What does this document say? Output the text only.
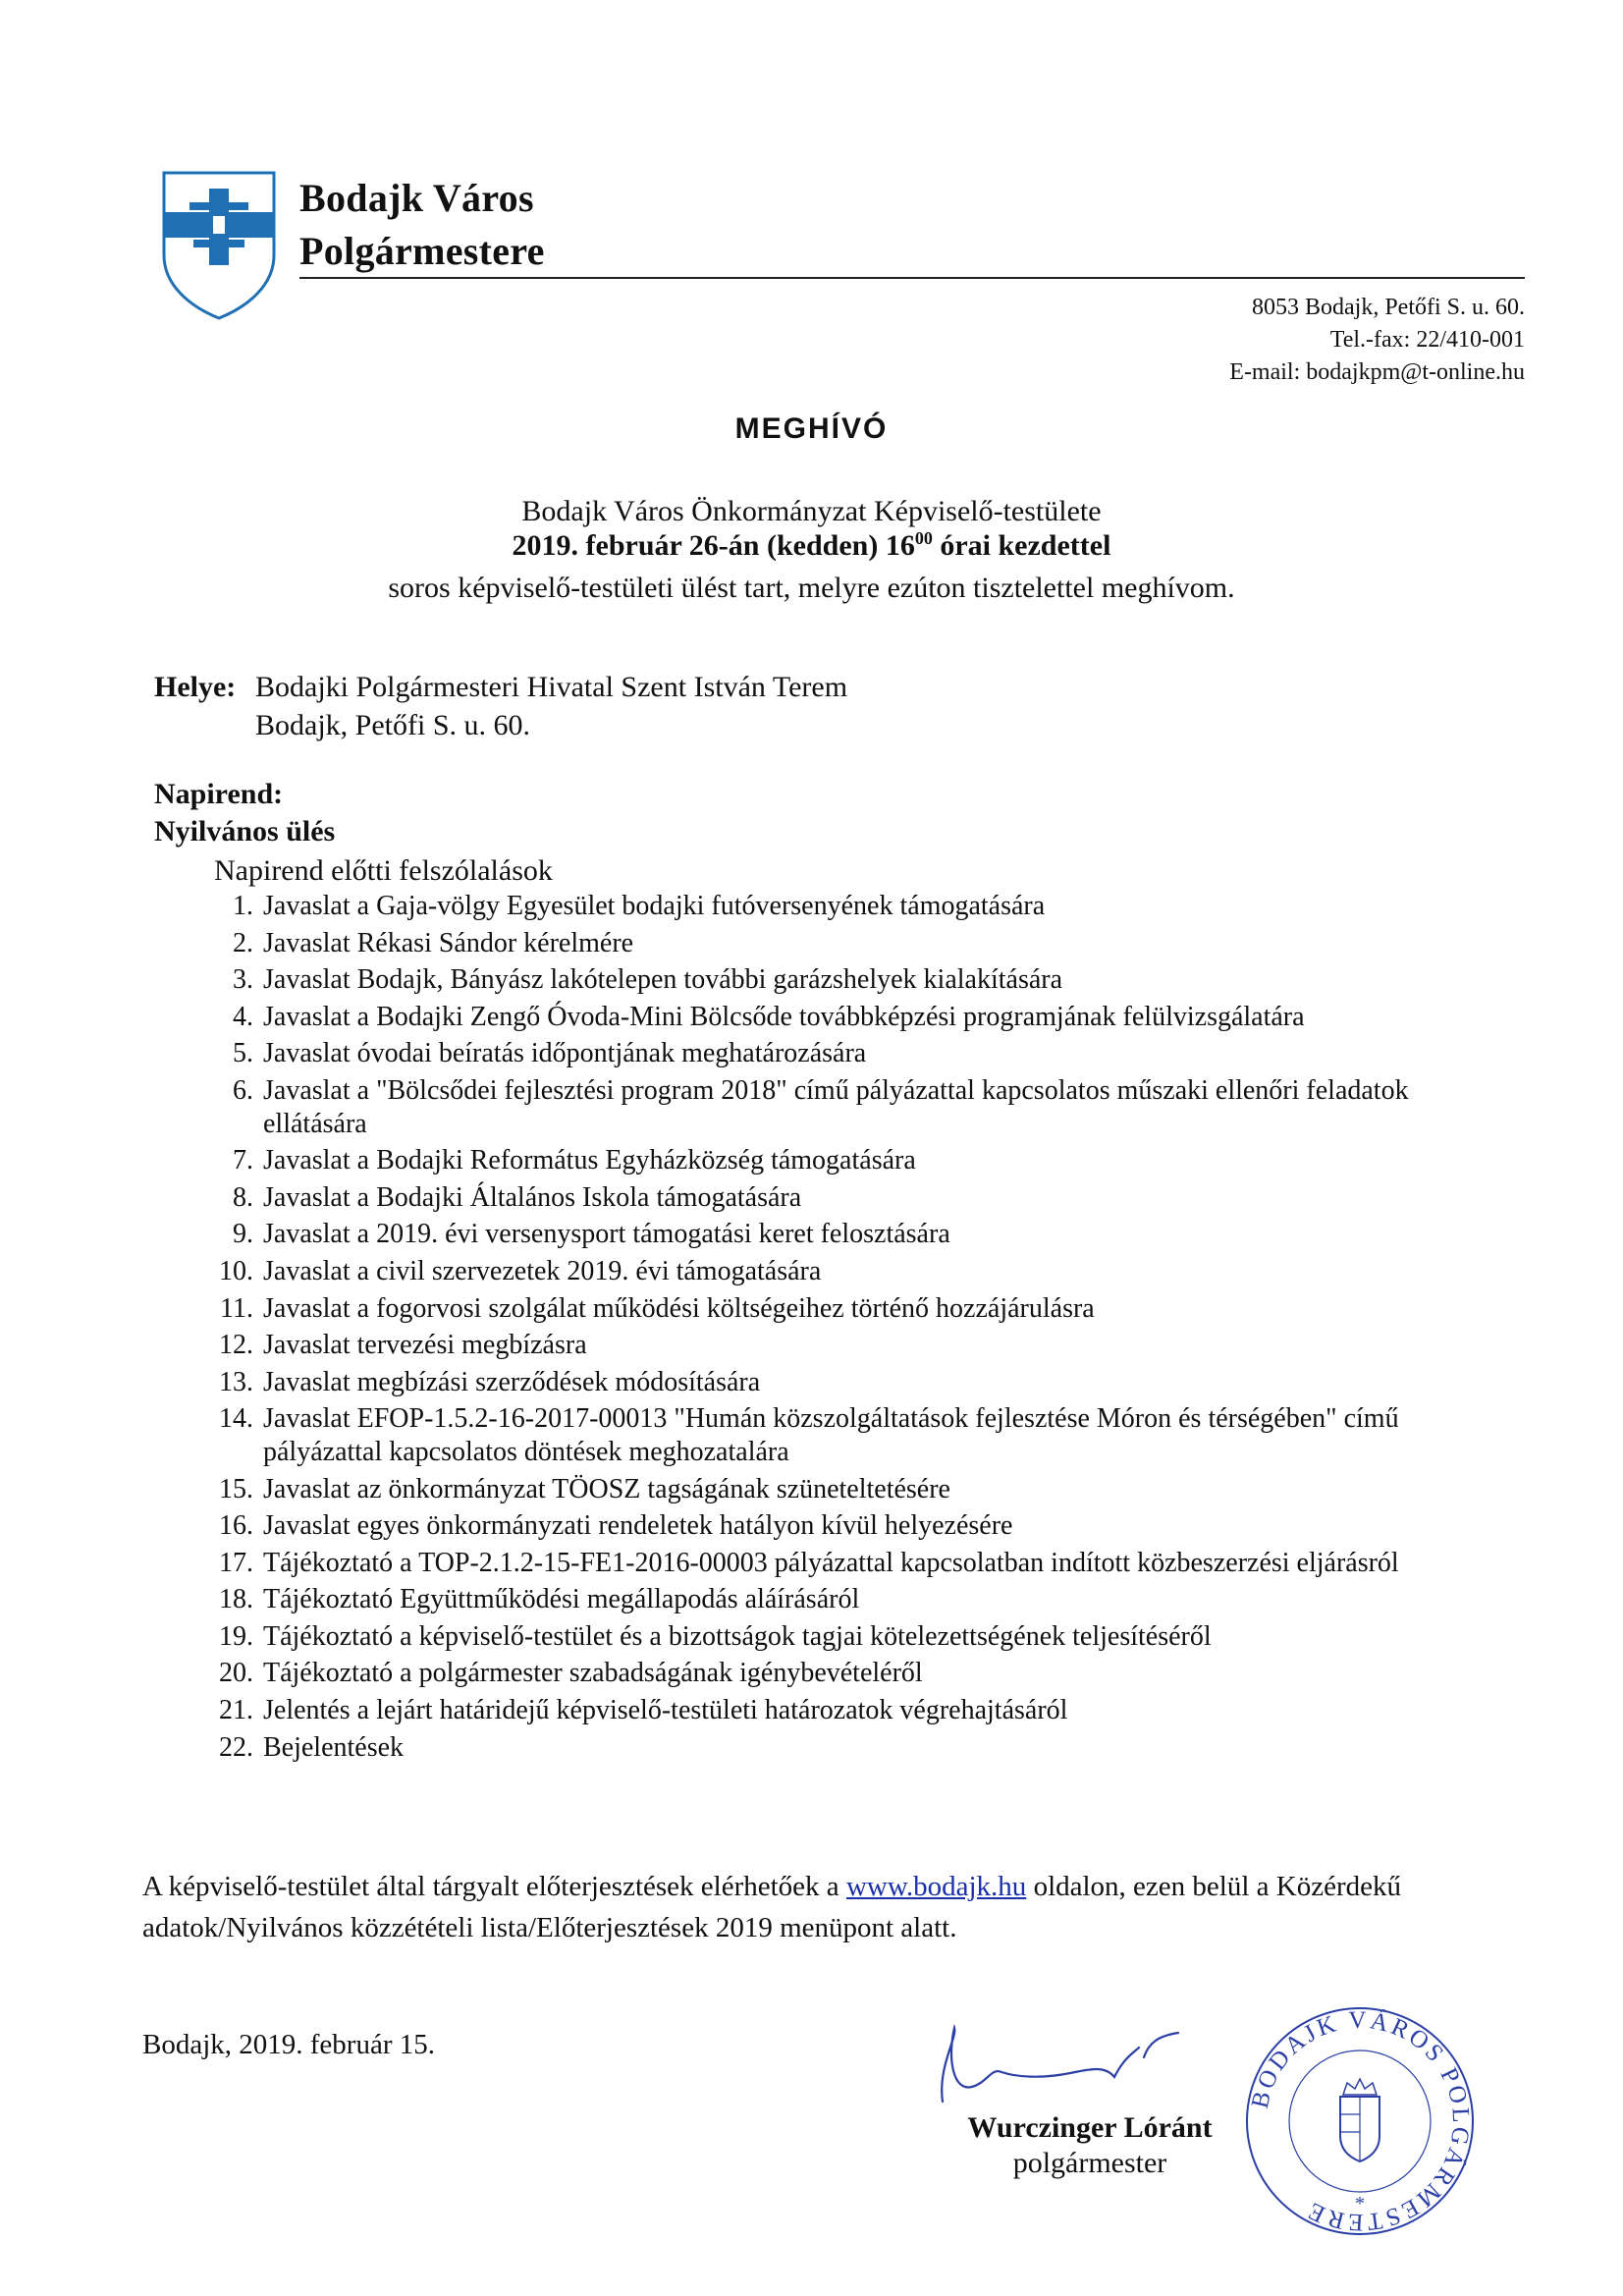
Bodajk Város
Polgármestere
8053 Bodajk, Petőfi S. u. 60.
Tel.-fax: 22/410-001
E-mail: bodajkpm@t-online.hu
MEGHÍVÓ
Bodajk Város Önkormányzat Képviselő-testülete
2019. február 26-án (kedden) $16^{00}$ órai kezdettel
soros képviselő-testületi ülést tart, melyre ezúton tisztelettel meghívom.
Helye: Bodajki Polgármesteri Hivatal Szent István Terem
Bodajk, Petőfi S. u. 60.
Napirend:
Nyilvános ülés
Napirend előtti felszólalások
1. Javaslat a Gaja-völgy Egyesület bodajki futóversenyének támogatására
2. Javaslat Rékasi Sándor kérelmére
3. Javaslat Bodajk, Bányász lakótelepen további garázshelyek kialakítására
4. Javaslat a Bodajki Zengő Óvoda-Mini Bölcsőde továbbképzési programjának felülvizsgálatára
5. Javaslat óvodai beíratás időpontjának meghatározására
6. Javaslat a "Bölcsődei fejlesztési program 2018" című pályázattal kapcsolatos műszaki ellenőri feladatok ellátására
7. Javaslat a Bodajki Református Egyházközség támogatására
8. Javaslat a Bodajki Általános Iskola támogatására
9. Javaslat a 2019. évi versenysport támogatási keret felosztására
10. Javaslat a civil szervezetek 2019. évi támogatására
11. Javaslat a fogorvosi szolgálat működési költségeihez történő hozzájárulásra
12. Javaslat tervezési megbízásra
13. Javaslat megbízási szerződések módosítására
14. Javaslat EFOP-1.5.2-16-2017-00013 "Humán közszolgáltatások fejlesztése Móron és térségében" című pályázattal kapcsolatos döntések meghozatalára
15. Javaslat az önkormányzat TÖOSZ tagságának szüneteltetésére
16. Javaslat egyes önkormányzati rendeletek hatályon kívül helyezésére
17. Tájékoztató a TOP-2.1.2-15-FE1-2016-00003 pályázattal kapcsolatban indított közbeszerzési eljárásról
18. Tájékoztató Együttműködési megállapodás aláírásáról
19. Tájékoztató a képviselő-testület és a bizottságok tagjai kötelezettségének teljesítéséről
20. Tájékoztató a polgármester szabadságának igénybevételéről
21. Jelentés a lejárt határidejű képviselő-testületi határozatok végrehajtásáról
22. Bejelentések
A képviselő-testület által tárgyalt előterjesztések elérhetőek a www.bodajk.hu oldalon, ezen belül a Közérdekű adatok/Nyilvános közzétételi lista/Előterjesztések 2019 menüpont alatt.
Bodajk, 2019. február 15.
Wurczinger Lóránt
polgármester
BODAJK VÁROS POLGÁRMESTERE	*
